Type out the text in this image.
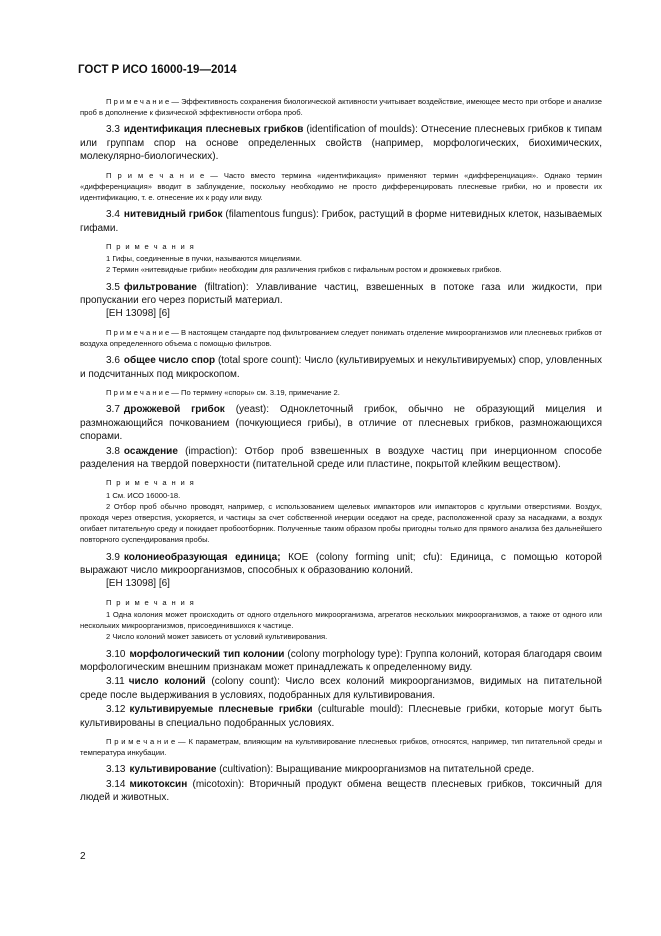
ГОСТ Р ИСО 16000-19—2014

П р и м е ч а н и е — Эффективность сохранения биологической активности учитывает воздействие, имеющее место при отборе и анализе проб в дополнение к физической эффективности отбора проб.

3.3 идентификация плесневых грибков (identification of moulds): Отнесение плесневых грибков к типам или группам спор на основе определенных свойств (например, морфологических, биохимических, молекулярно-биологических).

П р и м е ч а н и е — Часто вместо термина «идентификация» применяют термин «дифференциация». Однако термин «дифференциация» вводит в заблуждение, поскольку необходимо не просто дифференцировать плесневые грибки, но и провести их идентификацию, т. е. отнесение их к роду или виду.

3.4 нитевидный грибок (filamentous fungus): Грибок, растущий в форме нитевидных клеток, называемых гифами.

П р и м е ч а н и я

1 Гифы, соединенные в пучки, называются мицелиями.

2 Термин «нитевидные грибки» необходим для различения грибков с гифальным ростом и дрожжевых грибков.

3.5 фильтрование (filtration): Улавливание частиц, взвешенных в потоке газа или жидкости, при пропускании его через пористый материал.

[ЕН 13098] [6]

П р и м е ч а н и е — В настоящем стандарте под фильтрованием следует понимать отделение микроорганизмов или плесневых грибков от воздуха определенного объема с помощью фильтров.

3.6 общее число спор (total spore count): Число (культивируемых и некультивируемых) спор, уловленных и подсчитанных под микроскопом.

П р и м е ч а н и е — По термину «споры» см. 3.19, примечание 2.

3.7 дрожжевой грибок (yeast): Одноклеточный грибок, обычно не образующий мицелия и размножающийся почкованием (почкующиеся грибы), в отличие от плесневых грибков, размножающихся спорами.

3.8 осаждение (impaction): Отбор проб взвешенных в воздухе частиц при инерционном способе разделения на твердой поверхности (питательной среде или пластине, покрытой клейким веществом).

П р и м е ч а н и я

1 См. ИСО 16000-18.

2 Отбор проб обычно проводят, например, с использованием щелевых импакторов или импакторов с круглыми отверстиями. Воздух, проходя через отверстия, ускоряется, и частицы за счет собственной инерции оседают на среде, расположенной сразу за насадками, а воздух огибает питательную среду и покидает пробоотборник. Полученные таким образом пробы пригодны только для прямого анализа без дальнейшего повторного суспендирования пробы.

3.9 колониеобразующая единица; КОЕ (colony forming unit; cfu): Единица, с помощью которой выражают число микроорганизмов, способных к образованию колоний.

[ЕН 13098] [6]

П р и м е ч а н и я

1 Одна колония может происходить от одного отдельного микроорганизма, агрегатов нескольких микроорганизмов, а также от одного или нескольких микроорганизмов, присоединившихся к частице.

2 Число колоний может зависеть от условий культивирования.

3.10 морфологический тип колонии (colony morphology type): Группа колоний, которая благодаря своим морфологическим внешним признакам может принадлежать к определенному виду.

3.11 число колоний (colony count): Число всех колоний микроорганизмов, видимых на питательной среде после выдерживания в условиях, подобранных для культивирования.

3.12 культивируемые плесневые грибки (culturable mould): Плесневые грибки, которые могут быть культивированы в специально подобранных условиях.

П р и м е ч а н и е — К параметрам, влияющим на культивирование плесневых грибков, относятся, например, тип питательной среды и температура инкубации.

3.13 культивирование (cultivation): Выращивание микроорганизмов на питательной среде.

3.14 микотоксин (micotoxin): Вторичный продукт обмена веществ плесневых грибков, токсичный для людей и животных.

2
